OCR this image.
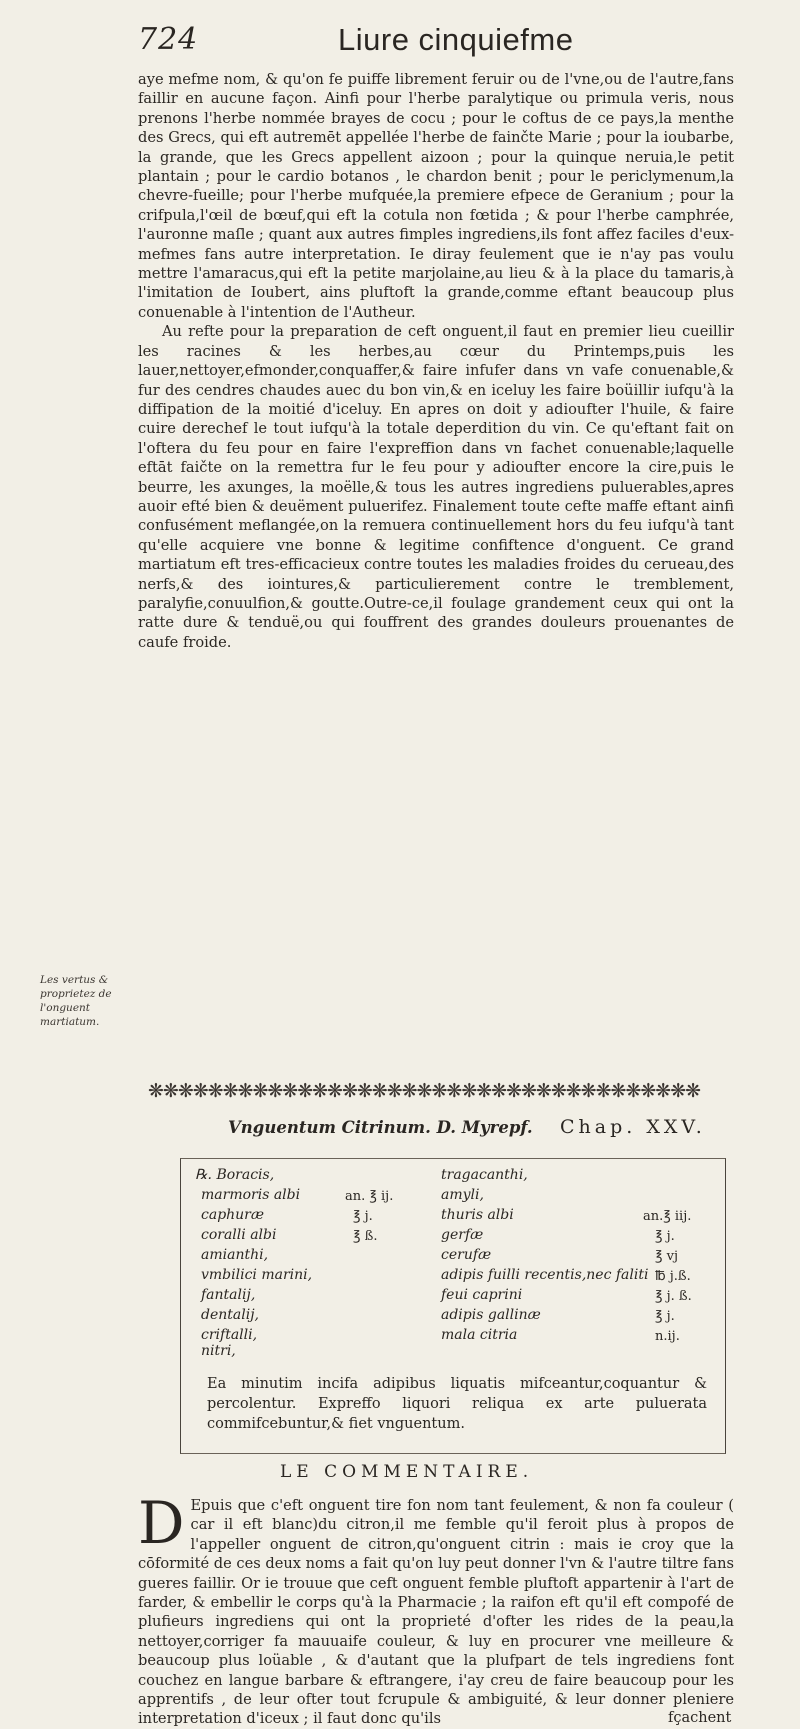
724	Liure cinquiefme

aye mefme nom, & qu'on fe puiffe librement feruir ou de l'vne,ou de l'autre,fans faillir en aucune façon. Ainfi pour l'herbe paralytique ou primula veris, nous prenons l'herbe nommée brayes de cocu ; pour le coftus de ce pays,la menthe des Grecs, qui eft autremēt appellée l'herbe de fainčte Marie ; pour la ioubarbe, la grande, que les Grecs appellent aizoon ; pour la quinque neruia,le petit plantain ; pour le cardio botanos , le chardon benit ; pour le periclymenum,la chevre-fueille; pour l'herbe mufquée,la premiere efpece de Geranium ; pour la crifpula,l'œil de bœuf,qui eft la cotula non fœtida ; & pour l'herbe camphrée, l'auronne maſle ; quant aux autres fimples ingrediens,ils font affez faciles d'eux-mefmes fans autre interpretation. Ie diray feulement que ie n'ay pas voulu mettre l'amaracus,qui eft la petite marjolaine,au lieu & à la place du tamaris,à l'imitation de Ioubert, ains pluftoft la grande,comme eftant beaucoup plus conuenable à l'intention de l'Autheur.

Au refte pour la preparation de ceft onguent,il faut en premier lieu cueillir les racines & les herbes,au cœur du Printemps,puis les lauer,nettoyer,efmonder,conquaffer,& faire infufer dans vn vafe conuenable,& fur des cendres chaudes auec du bon vin,& en iceluy les faire boüillir iufqu'à la diffipation de la moitié d'iceluy. En apres on doit y adioufter l'huile, & faire cuire derechef le tout iufqu'à la totale deperdition du vin. Ce qu'eftant fait on l'oftera du feu pour en faire l'expreffion dans vn fachet conuenable;laquelle eftāt faičte on la remettra fur le feu pour y adioufter encore la cire,puis le beurre, les axunges, la moëlle,& tous les autres ingrediens puluerables,apres auoir efté bien & deuëment puluerifez. Finalement toute cefte maffe eftant ainfi confusément meflangée,on la remuera continuellement hors du feu iufqu'à tant qu'elle acquiere vne bonne & legitime confiftence d'onguent. Ce grand martiatum eft tres-efficacieux contre toutes les maladies froides du cerueau,des nerfs,& des iointures,& particulierement contre le tremblement, paralyfie,conuulfion,& goutte.Outre-ce,il foulage grandement ceux qui ont la ratte dure & tenduë,ou qui fouffrent des grandes douleurs prouenantes de caufe froide.

Les vertus & proprietez de l'onguent martiatum.
❋❋❋❋❋❋❋❋❋❋❋❋❋❋❋❋❋❋❋❋❋❋❋❋❋❋❋❋❋❋❋❋❋❋❋❋❋
Vnguentum Citrinum. D. Myrepf. Chap. XXV.
℞. Boracis,
marmoris albi	an. ℥ ij.
caphuræ	℥ j.
coralli albi	℥ ß.
amianthi,
vmbilici marini,
fantalij,
dentalij,
criftalli,
nitri,
tragacanthi,
amyli,
thuris albi	an.℥ iij.
gerfæ	℥ j.
cerufæ	℥ vj
adipis fuilli recentis,nec faliti ℔ j.ß.
feui caprini	℥ j. ß.
adipis gallinæ	℥ j.
mala citria	n.ij.

Ea minutim incifa adipibus liquatis mifceantur,coquantur & percolentur. Expreffo liquori reliqua ex arte puluerata commifcebuntur,& fiet vnguentum.

LE COMMENTAIRE.

D Epuis que c'eft onguent tire fon nom tant feulement, & non fa couleur ( car il eft blanc)du citron,il me femble qu'il feroit plus à propos de l'appeller onguent de citron,qu'onguent citrin : mais ie croy que la cōformité de ces deux noms a fait qu'on luy peut donner l'vn & l'autre tiltre fans gueres faillir. Or ie trouue que ceft onguent femble pluftoft appartenir à l'art de farder, & embellir le corps qu'à la Pharmacie ; la raifon eft qu'il eft compofé de plufieurs ingrediens qui ont la proprieté d'ofter les rides de la peau,la nettoyer,corriger fa mauuaife couleur, & luy en procurer vne meilleure & beaucoup plus loüable , & d'autant que la plufpart de tels ingrediens font couchez en langue barbare & eftrangere, i'ay creu de faire beaucoup pour les apprentifs , de leur ofter tout fcrupule & ambiguité, & leur donner pleniere interpretation d'iceux ; il faut donc qu'ils	fçachent
